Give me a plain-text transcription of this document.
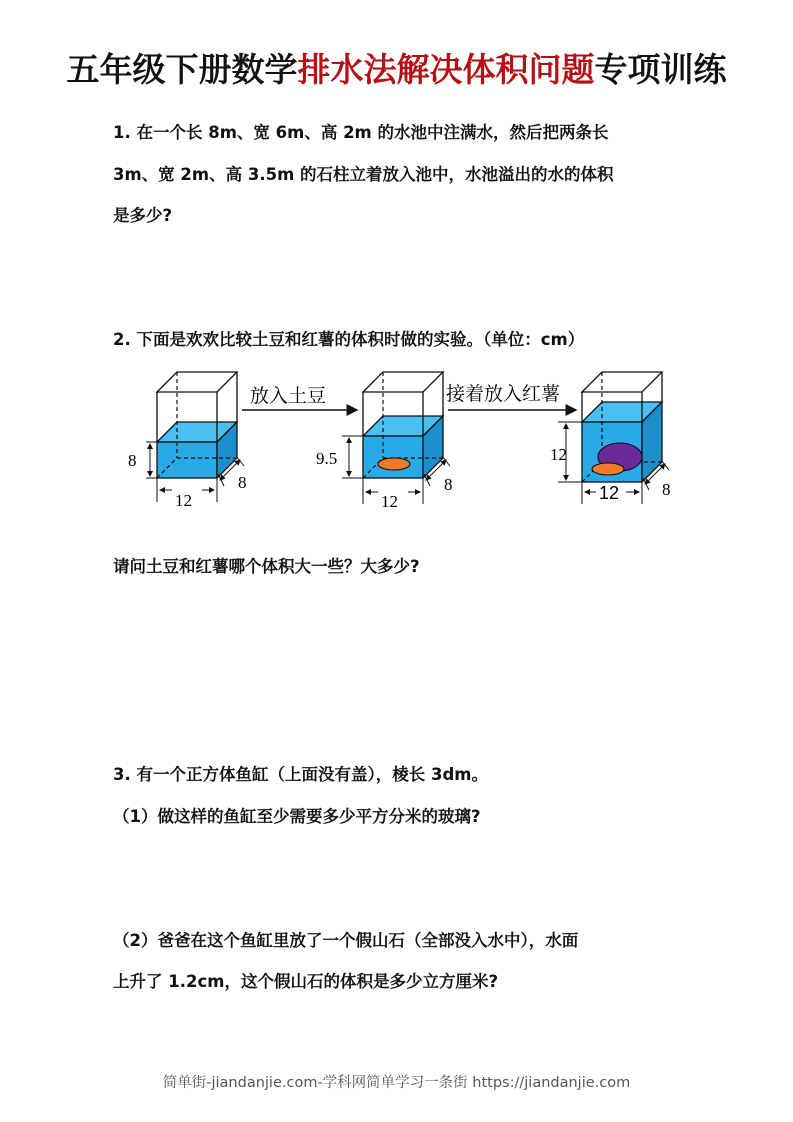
五年级下册数学排水法解决体积问题专项训练
1. 在一个长 8m、宽 6m、高 2m 的水池中注满水，然后把两条长
3m、宽 2m、高 3.5m 的石柱立着放入池中，水池溢出的水的体积
是多少?
2. 下面是欢欢比较土豆和红薯的体积时做的实验。（单位：cm）
8
12
8
放入土豆
9.5
12
8
接着放入红薯
12
12	8
请问土豆和红薯哪个体积大一些？大多少?
3. 有一个正方体鱼缸（上面没有盖），棱长 3dm。
（1）做这样的鱼缸至少需要多少平方分米的玻璃?
（2）爸爸在这个鱼缸里放了一个假山石（全部没入水中），水面
上升了 1.2cm，这个假山石的体积是多少立方厘米?
简单街-jiandanjie.com-学科网简单学习一条街 https://jiandanjie.com
